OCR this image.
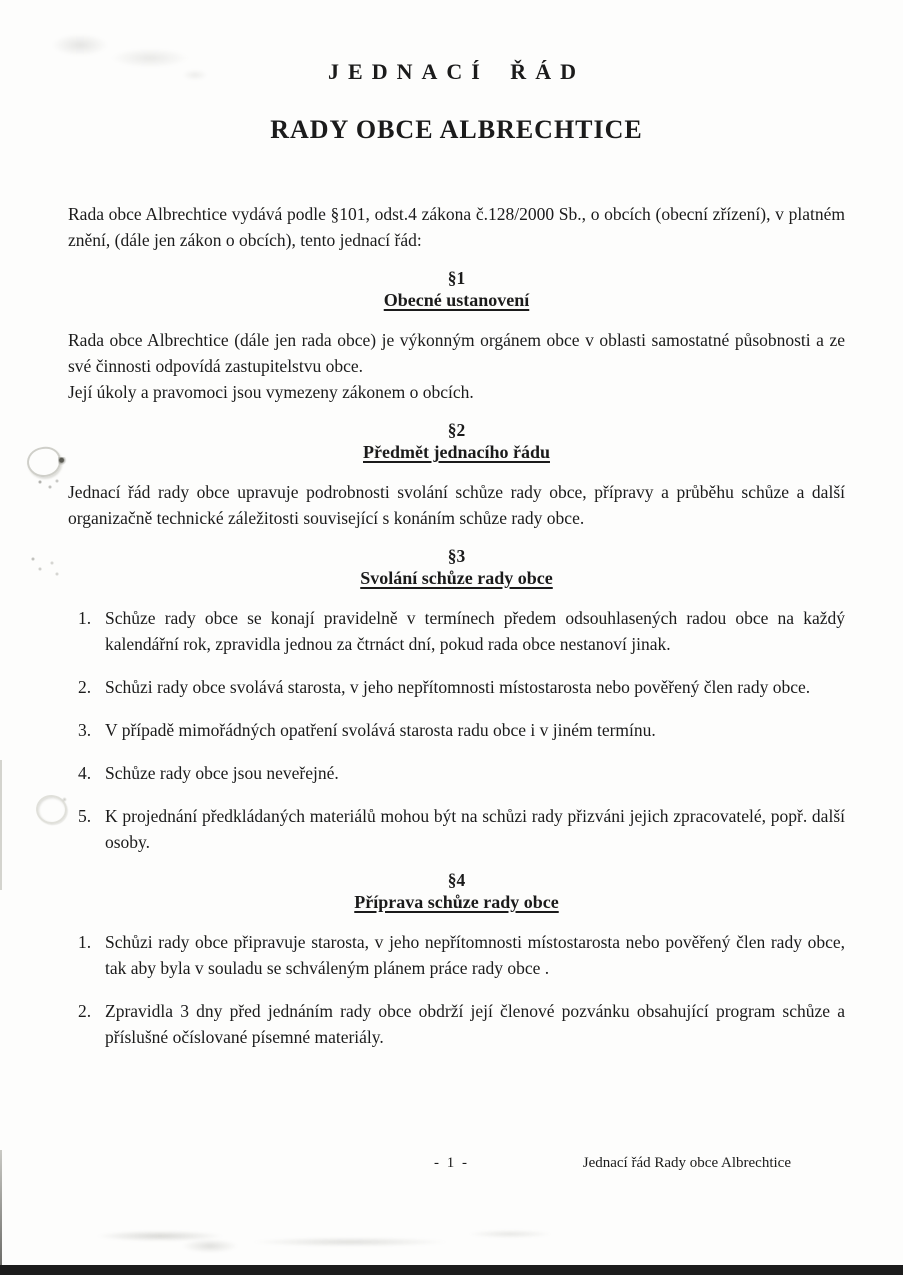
JEDNACÍ ŘÁD
RADY OBCE ALBRECHTICE

Rada obce Albrechtice vydává podle §101, odst.4 zákona č.128/2000 Sb., o obcích (obecní zřízení), v platném znění, (dále jen zákon o obcích), tento jednací řád:

§1
Obecné ustanovení

Rada obce Albrechtice (dále jen rada obce) je výkonným orgánem obce v oblasti samostatné působnosti a ze své činnosti odpovídá zastupitelstvu obce.

Její úkoly a pravomoci jsou vymezeny zákonem o obcích.

§2
Předmět jednacího řádu

Jednací řád rady obce upravuje podrobnosti svolání schůze rady obce, přípravy a průběhu schůze a další organizačně technické záležitosti související s konáním schůze rady obce.

§3
Svolání schůze rady obce
1. Schůze rady obce se konají pravidelně v termínech předem odsouhlasených radou obce na každý kalendářní rok, zpravidla jednou za čtrnáct dní, pokud rada obce nestanoví jinak.
2. Schůzi rady obce svolává starosta, v jeho nepřítomnosti místostarosta nebo pověřený člen rady obce.
3. V případě mimořádných opatření svolává starosta radu obce i v jiném termínu.
4. Schůze rady obce jsou neveřejné.
5. K projednání předkládaných materiálů mohou být na schůzi rady přizváni jejich zpracovatelé, popř. další osoby.
§4
Příprava schůze rady obce
1. Schůzi rady obce připravuje starosta, v jeho nepřítomnosti místostarosta nebo pověřený člen rady obce, tak aby byla v souladu se schváleným plánem práce rady obce .
2. Zpravidla 3 dny před jednáním rady obce obdrží její členové pozvánku obsahující program schůze a příslušné očíslované písemné materiály.
- 1 -	Jednací řád Rady obce Albrechtice
